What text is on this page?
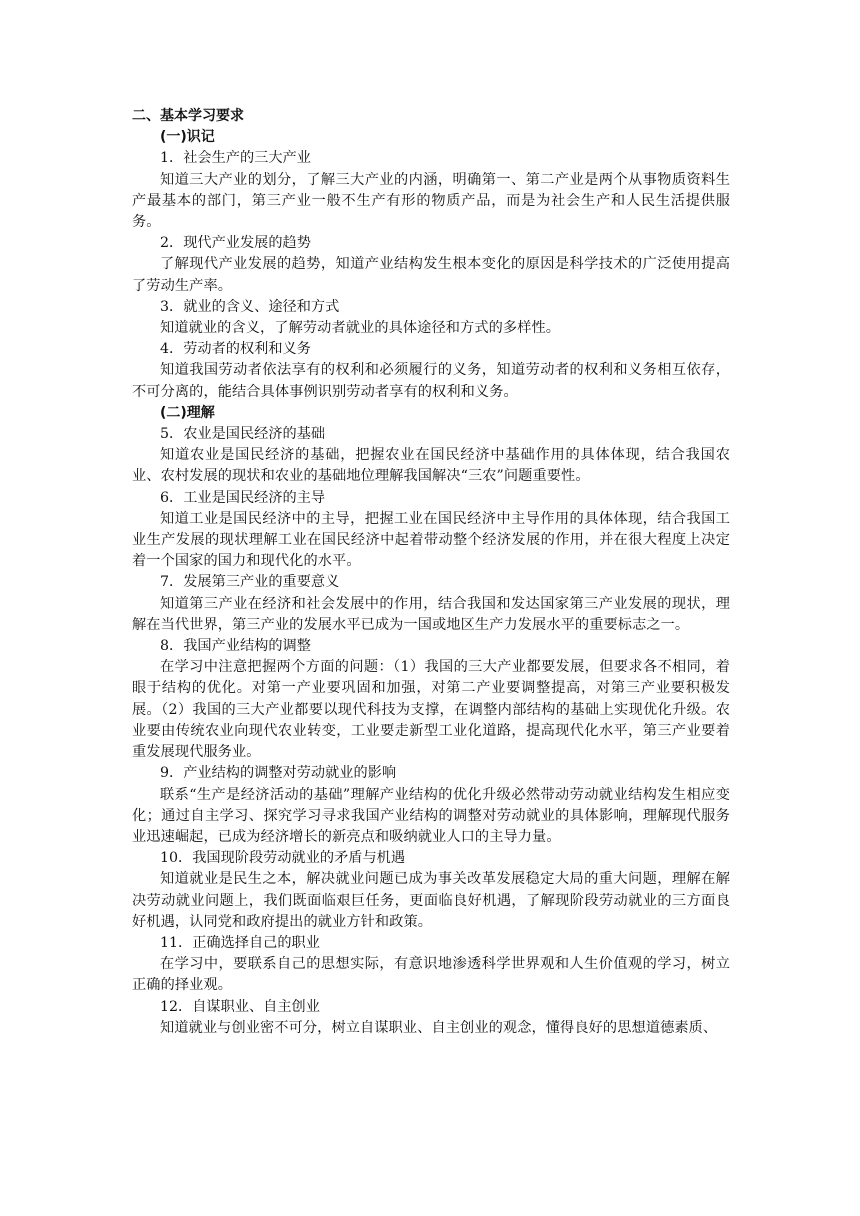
二、基本学习要求

(一)识记

1．社会生产的三大产业

知道三大产业的划分，了解三大产业的内涵，明确第一、第二产业是两个从事物质资料生产最基本的部门，第三产业一般不生产有形的物质产品，而是为社会生产和人民生活提供服务。

2．现代产业发展的趋势

了解现代产业发展的趋势，知道产业结构发生根本变化的原因是科学技术的广泛使用提高了劳动生产率。

3．就业的含义、途径和方式

知道就业的含义，了解劳动者就业的具体途径和方式的多样性。

4．劳动者的权利和义务

知道我国劳动者依法享有的权利和必须履行的义务，知道劳动者的权利和义务相互依存，不可分离的，能结合具体事例识别劳动者享有的权利和义务。

(二)理解

5．农业是国民经济的基础

知道农业是国民经济的基础，把握农业在国民经济中基础作用的具体体现，结合我国农业、农村发展的现状和农业的基础地位理解我国解决“三农”问题重要性。

6．工业是国民经济的主导

知道工业是国民经济中的主导，把握工业在国民经济中主导作用的具体体现，结合我国工业生产发展的现状理解工业在国民经济中起着带动整个经济发展的作用，并在很大程度上决定着一个国家的国力和现代化的水平。

7．发展第三产业的重要意义

知道第三产业在经济和社会发展中的作用，结合我国和发达国家第三产业发展的现状，理解在当代世界，第三产业的发展水平已成为一国或地区生产力发展水平的重要标志之一。

8．我国产业结构的调整

在学习中注意把握两个方面的问题：（1）我国的三大产业都要发展，但要求各不相同，着眼于结构的优化。对第一产业要巩固和加强，对第二产业要调整提高，对第三产业要积极发展。（2）我国的三大产业都要以现代科技为支撑，在调整内部结构的基础上实现优化升级。农业要由传统农业向现代农业转变，工业要走新型工业化道路，提高现代化水平，第三产业要着重发展现代服务业。

9．产业结构的调整对劳动就业的影响

联系“生产是经济活动的基础”理解产业结构的优化升级必然带动劳动就业结构发生相应变化；通过自主学习、探究学习寻求我国产业结构的调整对劳动就业的具体影响，理解现代服务业迅速崛起，已成为经济增长的新亮点和吸纳就业人口的主导力量。

10．我国现阶段劳动就业的矛盾与机遇

知道就业是民生之本，解决就业问题已成为事关改革发展稳定大局的重大问题，理解在解决劳动就业问题上，我们既面临艰巨任务，更面临良好机遇，了解现阶段劳动就业的三方面良好机遇，认同党和政府提出的就业方针和政策。

11．正确选择自己的职业

在学习中，要联系自己的思想实际，有意识地渗透科学世界观和人生价值观的学习，树立正确的择业观。

12．自谋职业、自主创业

知道就业与创业密不可分，树立自谋职业、自主创业的观念，懂得良好的思想道德素质、
